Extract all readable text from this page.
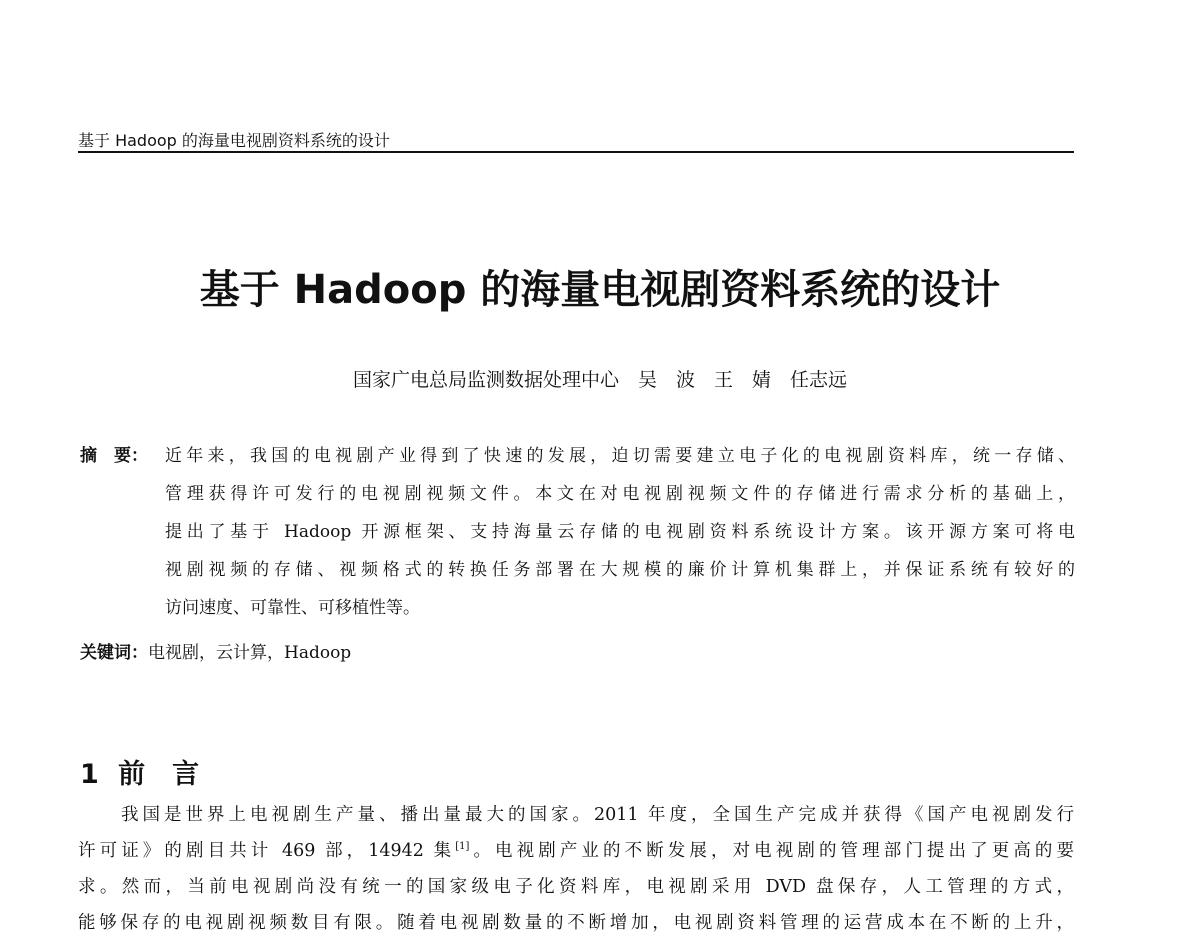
基于 Hadoop 的海量电视剧资料系统的设计
基于 Hadoop 的海量电视剧资料系统的设计
国家广电总局监测数据处理中心　吴　波　王　婧　任志远
摘　要： 近年来，我国的电视剧产业得到了快速的发展，迫切需要建立电子化的电视剧资料库，统一存储、
管理获得许可发行的电视剧视频文件。本文在对电视剧视频文件的存储进行需求分析的基础上，
提出了基于 Hadoop 开源框架、支持海量云存储的电视剧资料系统设计方案。该开源方案可将电
视剧视频的存储、视频格式的转换任务部署在大规模的廉价计算机集群上，并保证系统有较好的
访问速度、可靠性、可移植性等。
关键词：电视剧，云计算，Hadoop
1 前　言
　　我国是世界上电视剧生产量、播出量最大的国家。2011 年度，全国生产完成并获得《国产电视剧发行
许可证》的剧目共计 469 部，14942 集[1]。电视剧产业的不断发展，对电视剧的管理部门提出了更高的要
求。然而，当前电视剧尚没有统一的国家级电子化资料库，电视剧采用 DVD 盘保存，人工管理的方式，
能够保存的电视剧视频数目有限。随着电视剧数量的不断增加，电视剧资料管理的运营成本在不断的上升，
